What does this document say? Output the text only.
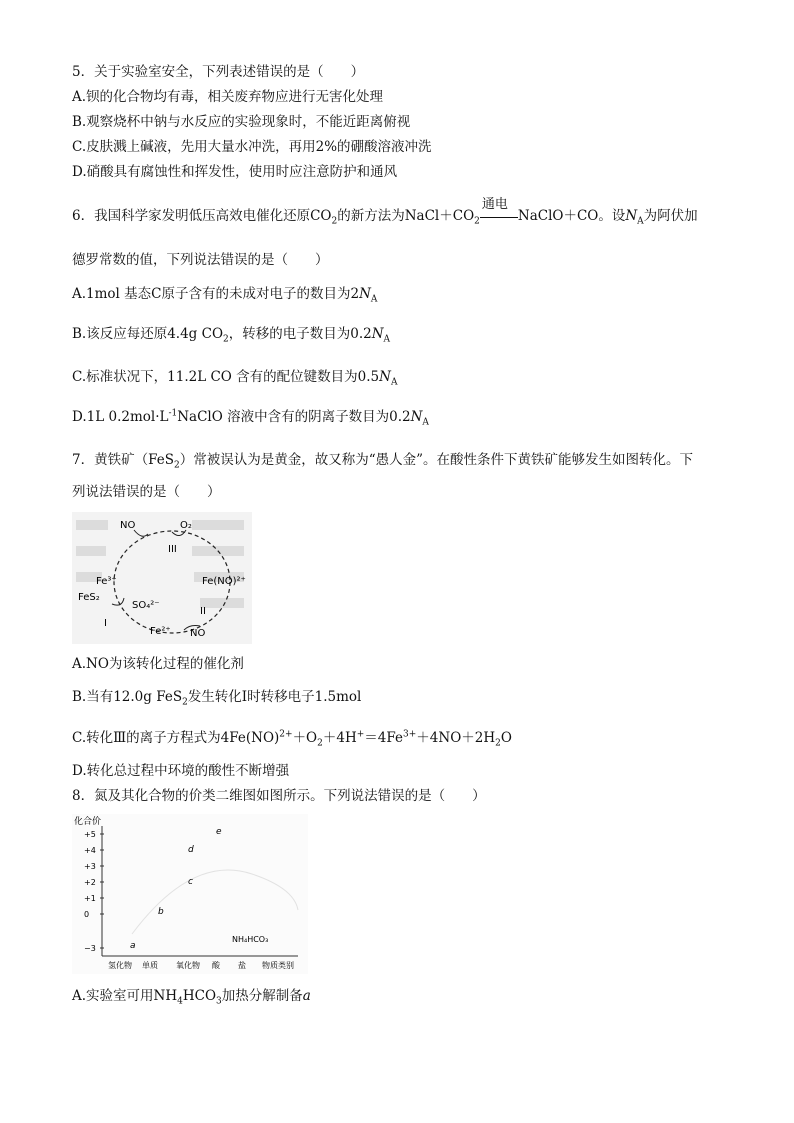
5．关于实验室安全，下列表述错误的是（　　）
A.钡的化合物均有毒，相关废弃物应进行无害化处理
B.观察烧杯中钠与水反应的实验现象时，不能近距离俯视
C.皮肤溅上碱液，先用大量水冲洗，再用2%的硼酸溶液冲洗
D.硝酸具有腐蚀性和挥发性，使用时应注意防护和通风
6．我国科学家发明低压高效电催化还原$CO_2$的新方法为$NaCl+CO_2$
通电
NaClO＋CO。设$N_A$为阿伏加
德罗常数的值，下列说法错误的是（　　）
A.1mol 基态C原子含有的未成对电子的数目为$2N_A$
B.该反应每还原4.4g $CO_2$，转移的电子数目为$0.2N_A$
C.标准状况下，11.2L CO 含有的配位键数目为$0.5N_A$
D.1L $0.2mol\cdot L^{-1}NaClO$ 溶液中含有的阴离子数目为$0.2N_A$
7．黄铁矿（FeS$_2$）常被误认为是黄金，故又称为“愚人金”。在酸性条件下黄铁矿能够发生如图转化。下
列说法错误的是（　　）
NO	O₂
III
Fe(NO)²⁺
Fe³⁺
FeS₂
SO₄²⁻
II
I
Fe²⁺ NO
A.NO为该转化过程的催化剂
B.当有12.0g FeS$_2$发生转化Ⅰ时转移电子1.5mol
C.转化Ⅲ的离子方程式为$4Fe(NO)^{2+}+O_2+4H^+=4Fe^{3+}+4NO+2H_2O$
D.转化总过程中环境的酸性不断增强
8．氮及其化合物的价类二维图如图所示。下列说法错误的是（　　）
化合价
+5
+4
+3
+2
+1
0
−3
氢化物 单质 氧化物 酸 盐 物质类别
a
b
c
d
e
NH₄HCO₃
A.实验室可用$NH_4HCO_3$加热分解制备a
